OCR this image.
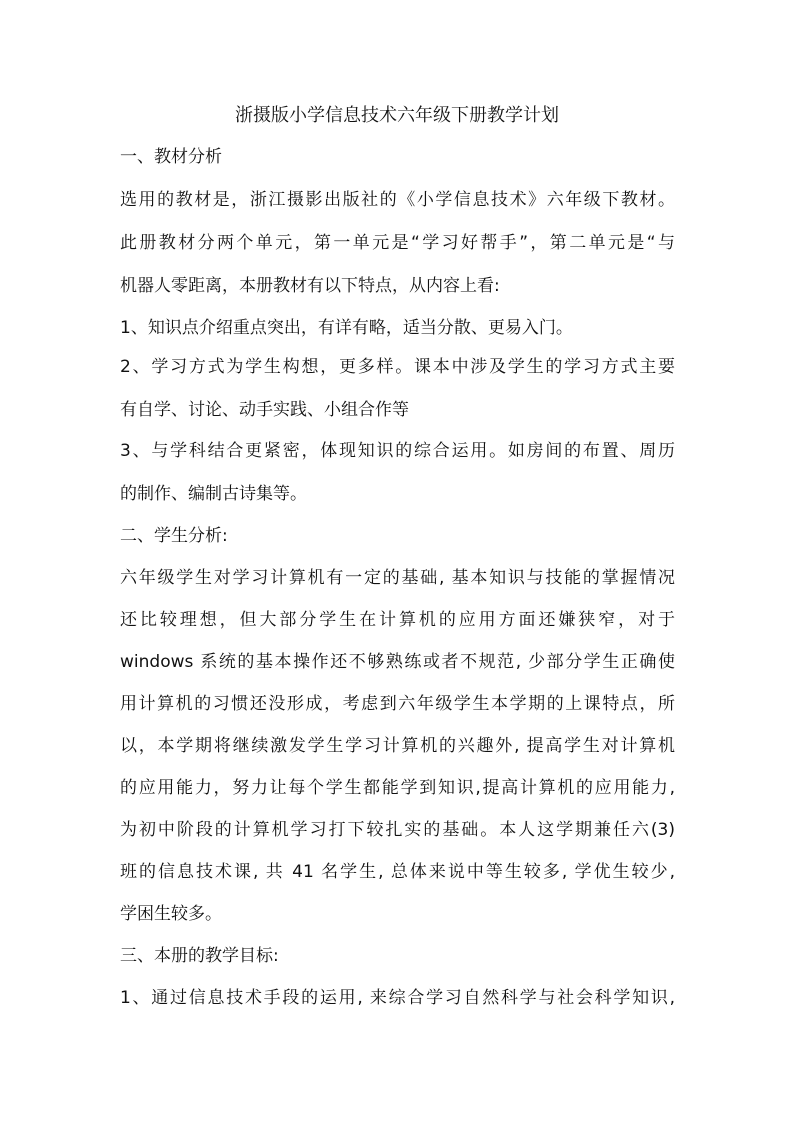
浙摄版小学信息技术六年级下册教学计划
一、教材分析
选用的教材是，浙江摄影出版社的《小学信息技术》六年级下教材。
此册教材分两个单元，第一单元是“学习好帮手”，第二单元是“与
机器人零距离，本册教材有以下特点，从内容上看:
1、知识点介绍重点突出，有详有略，适当分散、更易入门。
2、学习方式为学生构想，更多样。课本中涉及学生的学习方式主要
有自学、讨论、动手实践、小组合作等
3、与学科结合更紧密，体现知识的综合运用。如房间的布置、周历
的制作、编制古诗集等。
二、学生分析:
六年级学生对学习计算机有一定的基础, 基本知识与技能的掌握情况
还比较理想，但大部分学生在计算机的应用方面还嫌狭窄，对于
windows 系统的基本操作还不够熟练或者不规范, 少部分学生正确使
用计算机的习惯还没形成，考虑到六年级学生本学期的上课特点，所
以，本学期将继续激发学生学习计算机的兴趣外, 提高学生对计算机
的应用能力，努力让每个学生都能学到知识,提高计算机的应用能力,
为初中阶段的计算机学习打下较扎实的基础。本人这学期兼任六(3)
班的信息技术课, 共 41 名学生, 总体来说中等生较多, 学优生较少,
学困生较多。
三、本册的教学目标:
1、通过信息技术手段的运用, 来综合学习自然科学与社会科学知识,
